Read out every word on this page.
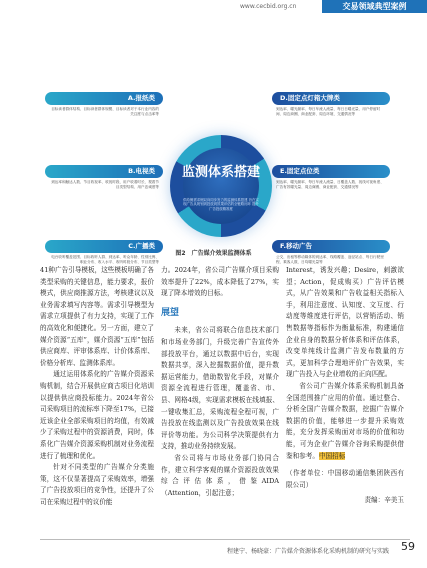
www.cecbid.org.cn	交易领域典型案例
监测体系搭建
供给侧需求侧双向同步发力的监测体系搭建 旨在实现广告从规划到投放到效果评估的全链路闭环 提升广告投放精准度
A.报纸类
目标读者群体结构、目标读者群体规模、目标读者对于本行业内容的关注度与点击率等
B.电视类
到达率和触达人数、节目收视率、收视时段、用户收看时长、观看节目类型结构、用户忠诚度等
C.广播类
电台收听覆盖范围、目标收听人群、到达率、听众年龄、性别比例、职业分布、收入水平、收听时段分布、节目类型等
D.固定点灯箱大牌类
到达率、曝光频率、每日车流人流量、每日日曝光量、用户停留时间、周边商圈、商业配套、周边环境、交通情况等
E.固定点位类
到达率、曝光频率、每日车流人流量、日覆盖人数、视线可视角度、广告有效曝光量、周边商圈、商业配套、交通情况等
F.移动广告
公交、出租等移动媒体的到达率、线路覆盖、途径站点、每日行驶里程、乘客人数、日均曝光量等
图2　广告媒介效果监测体系

41种广告引导模板，这些模板明确了各类型采购的关键信息，能力要求，报价模式，供应商推源方法，考核建议以及业务需求填写内容等。需求引导模型为需求立项提供了有力支持，实现了工作的高效化和便捷化。另一方面，建立了媒介资源“五库”，媒介资源“五库”包括供应商库、评审体系库、计价体系库、价格分析库、监测体系库。

通过运用体系化的广告媒介资源采购机制，结合开展供应商古项目化培训以提供供应商投标能力。2024年省公司采购项目的流标率下降至17%，已接近该企业全部采购项目的均值，有效减少了采购过程中的资源消费，同时，体系化广告媒介资源采购机制对业务流程进行了梳理和优化。

针对不同类型的广告媒介分类施策，这不仅显著提高了采购效率，增强了广告投放项目的竞争性，还提升了公司在采购过程中的议价能

力。2024年，省公司广告媒介项目采购效率提升了22%，成本降低了27%，实现了降本增效的目标。

展望

未来，省公司将联合信息技术部门和市场业务部门，升级完善广告宣传外部投放平台，通过以数据中后台，实现数据共享，深入挖掘数据价值，提升数据运营能力，借助数智化手段，对媒介资源全流程进行管理，覆盖省、市、县、网格4级，实现需求模板在线填报、一键收集汇总，采购流程全程可视，广告投放在线监测以及广告投放效果在线评价等功能。为公司科学决策提供有力支持，推动业务持续发展。

省公司将与市场业务部门协同合作，建立科学客观的媒介资源投放效果综合评估体系，借鉴AIDA（Attention，引起注意；

Interest，诱发兴趣；Desire，刺激欲望；Action，促成购买）广告评估模式，从广告效果和广告收益相关指标入手，利用注意度、认知度、文互度、行动度等维度进行评估，以营销活动、销售数据等指标作为衡量标准，构建通信企业自身的数据分析体系和评估体系，改变单纯线计监测广告发布数量的方式，更加科学合理地评价广告效果，实现广告投入与企业增收的正向匹配。

省公司广告媒介体系采购机制具备全国范围推广应用的价值。通过整合、分析全国广告媒介数据，挖掘广告媒介数据的价值，能够进一步提升采购效能，充分发挥采购面对市场的价值和功能，可为企业广告媒介谷询采购提供借鉴和参考。中国招标

（作者单位：中国移动通信集团陕西有限公司）
责编：辛美玉
程建宁、杨晓豪：广告媒介资源体系化采购机制的研究与实践 59
